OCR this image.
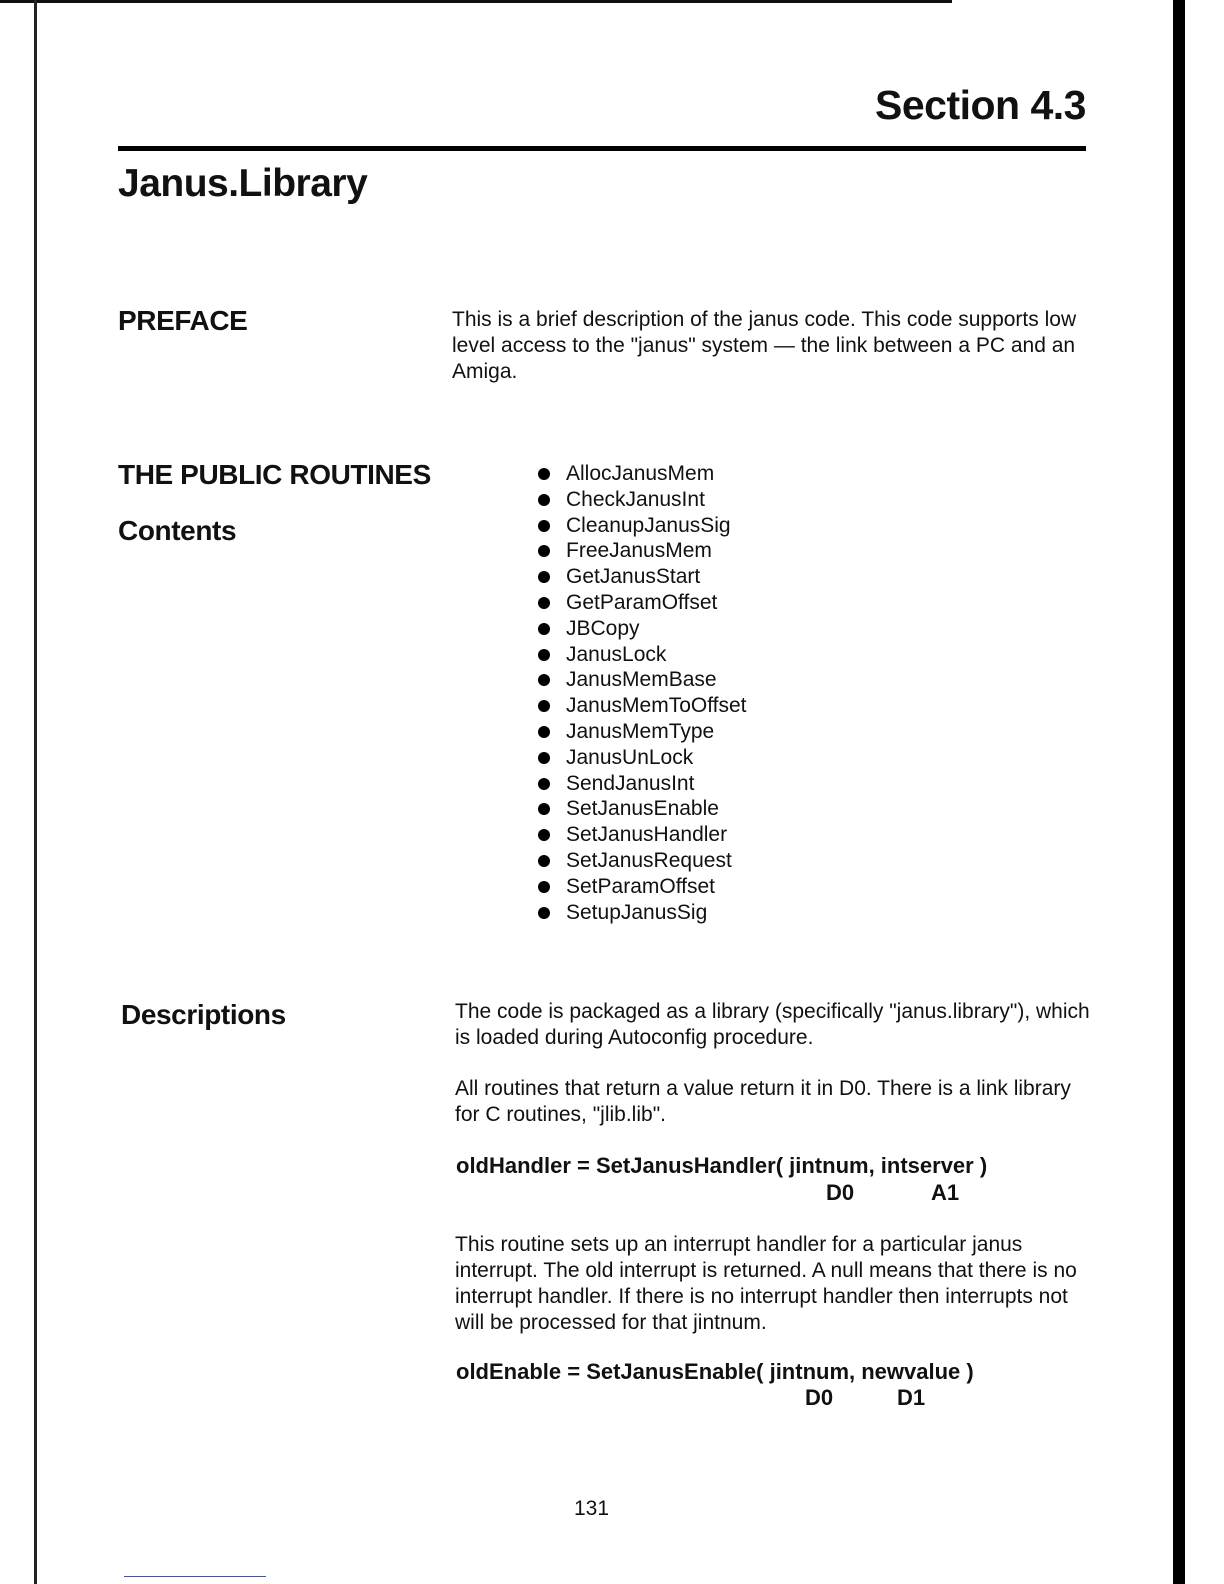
Section 4.3
Janus.Library
PREFACE	This is a brief description of the janus code. This code supports low level access to the "janus" system — the link between a PC and an Amiga.

THE PUBLIC ROUTINES
Contents
AllocJanusMem
CheckJanusInt
CleanupJanusSig
FreeJanusMem
GetJanusStart
GetParamOffset
JBCopy
JanusLock
JanusMemBase
JanusMemToOffset
JanusMemType
JanusUnLock
SendJanusInt
SetJanusEnable
SetJanusHandler
SetJanusRequest
SetParamOffset
SetupJanusSig
Descriptions	The code is packaged as a library (specifically "janus.library"), which is loaded during Autoconfig procedure.

All routines that return a value return it in D0. There is a link library for C routines, "jlib.lib".

oldHandler = SetJanusHandler( jintnum, intserver )
D0	A1

This routine sets up an interrupt handler for a particular janus interrupt. The old interrupt is returned. A null means that there is no interrupt handler. If there is no interrupt handler then interrupts not will be processed for that jintnum.

oldEnable = SetJanusEnable( jintnum, newvalue )
D0	D1
131
